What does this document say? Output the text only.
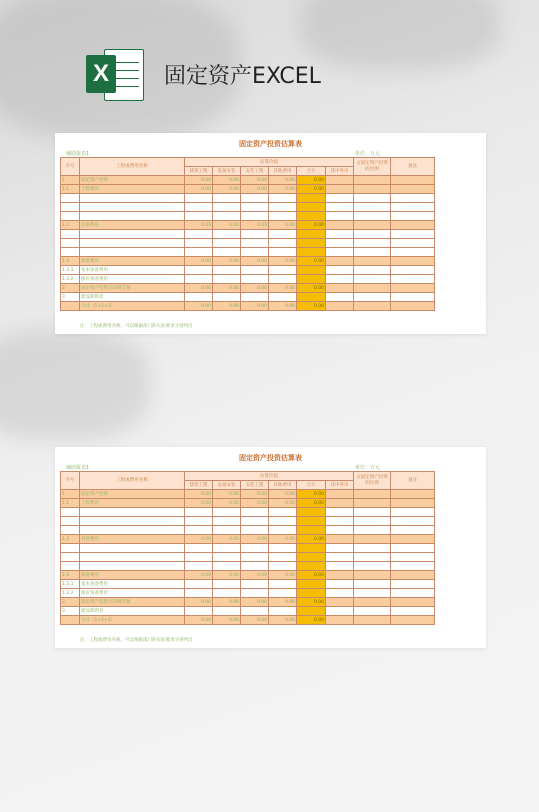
X	固定资产EXCEL
固定资产投资估算表
辅助报表1	单位：万元
序号	工程或费用名称	估算价值						占固定资产投资的比例	备注
		建筑工程	设备安装	安装工程	其他费用	合计	其中外币		
1	固定资产投资	0.00	0.00	0.00	0.00	0.00			
1.1	工程费用	0.00	0.00	0.00	0.00	0.00			

1.2	其他费用	0.00	0.00	0.00	0.00	0.00			

1.3	预备费用	0.00	0.00	0.00	0.00	0.00			
1.3.1	基本预备费用								
1.3.2	涨价预备费用								
2	固定资产投资方向调节税	0.00	0.00	0.00	0.00	0.00			
3	建设期利息								
	合计（1+2+3）	0.00	0.00	0.00	0.00	0.00			
注：工程或费用名称，可以根据部门的实际要求分别列出
固定资产投资估算表
辅助报表1	单位：万元
序号	工程或费用名称	估算价值						占固定资产投资的比例	备注
		建筑工程	设备安装	安装工程	其他费用	合计	其中外币		
1	固定资产投资	0.00	0.00	0.00	0.00	0.00			
1.1	工程费用	0.00	0.00	0.00	0.00	0.00			

1.2	其他费用	0.00	0.00	0.00	0.00	0.00			

1.3	预备费用	0.00	0.00	0.00	0.00	0.00			
1.3.1	基本预备费用								
1.3.2	涨价预备费用								
2	固定资产投资方向调节税	0.00	0.00	0.00	0.00	0.00			
3	建设期利息								
	合计（1+2+3）	0.00	0.00	0.00	0.00	0.00			
注：工程或费用名称，可以根据部门的实际要求分别列出
